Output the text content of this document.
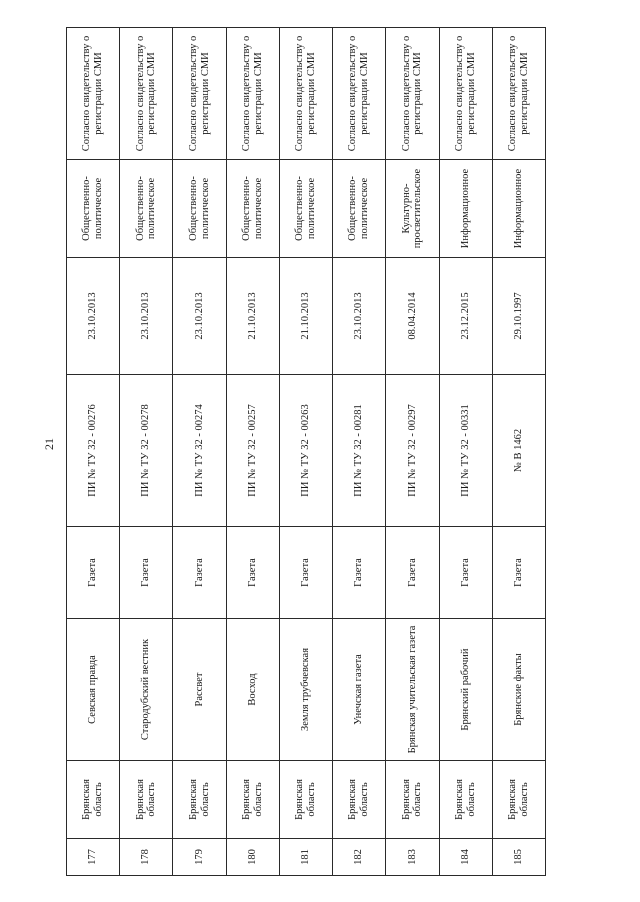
21
177	Брянская область	Севская правда	Газета	ПИ № ТУ 32 - 00276	23.10.2013	Общественно-политическое	Согласно свидетельству о регистрации СМИ
178	Брянская область	Стародубский вестник	Газета	ПИ № ТУ 32 - 00278	23.10.2013	Общественно-политическое	Согласно свидетельству о регистрации СМИ
179	Брянская область	Рассвет	Газета	ПИ № ТУ 32 - 00274	23.10.2013	Общественно-политическое	Согласно свидетельству о регистрации СМИ
180	Брянская область	Восход	Газета	ПИ № ТУ 32 - 00257	21.10.2013	Общественно-политическое	Согласно свидетельству о регистрации СМИ
181	Брянская область	Земля трубчевская	Газета	ПИ № ТУ 32 - 00263	21.10.2013	Общественно-политическое	Согласно свидетельству о регистрации СМИ
182	Брянская область	Унечская газета	Газета	ПИ № ТУ 32 - 00281	23.10.2013	Общественно-политическое	Согласно свидетельству о регистрации СМИ
183	Брянская область	Брянская учительская газета	Газета	ПИ № ТУ 32 - 00297	08.04.2014	Культурно-просветительское	Согласно свидетельству о регистрации СМИ
184	Брянская область	Брянский рабочий	Газета	ПИ № ТУ 32 - 00331	23.12.2015	Информационное	Согласно свидетельству о регистрации СМИ
185	Брянская область	Брянские факты	Газета	№ В 1462	29.10.1997	Информационное	Согласно свидетельству о регистрации СМИ
